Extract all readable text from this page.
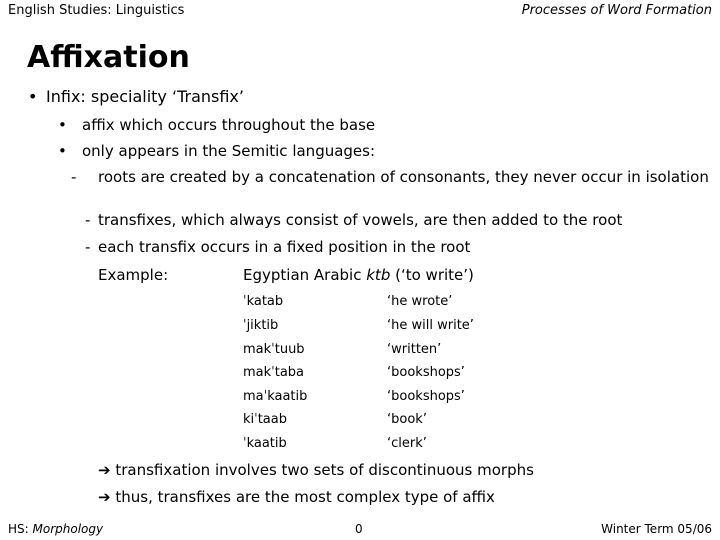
English Studies: Linguistics	Processes of Word Formation
Affixation
• Infix: speciality ‘Transfix’
• affix which occurs throughout the base
• only appears in the Semitic languages:
- roots are created by a concatenation of consonants, they never occur in isolation
- transfixes, which always consist of vowels, are then added to the root
- each transfix occurs in a fixed position in the root
Example:	Egyptian Arabic ktb (‘to write’)
ˈkatab	‘he wrote’
ˈjiktib	‘he will write’
makˈtuub	‘written’
makˈtaba	‘bookshops’
maˈkaatib	‘bookshops’
kiˈtaab	‘book’
ˈkaatib	‘clerk’
➔ transfixation involves two sets of discontinuous morphs
➔ thus, transfixes are the most complex type of affix
HS: Morphology	0	Winter Term 05/06
